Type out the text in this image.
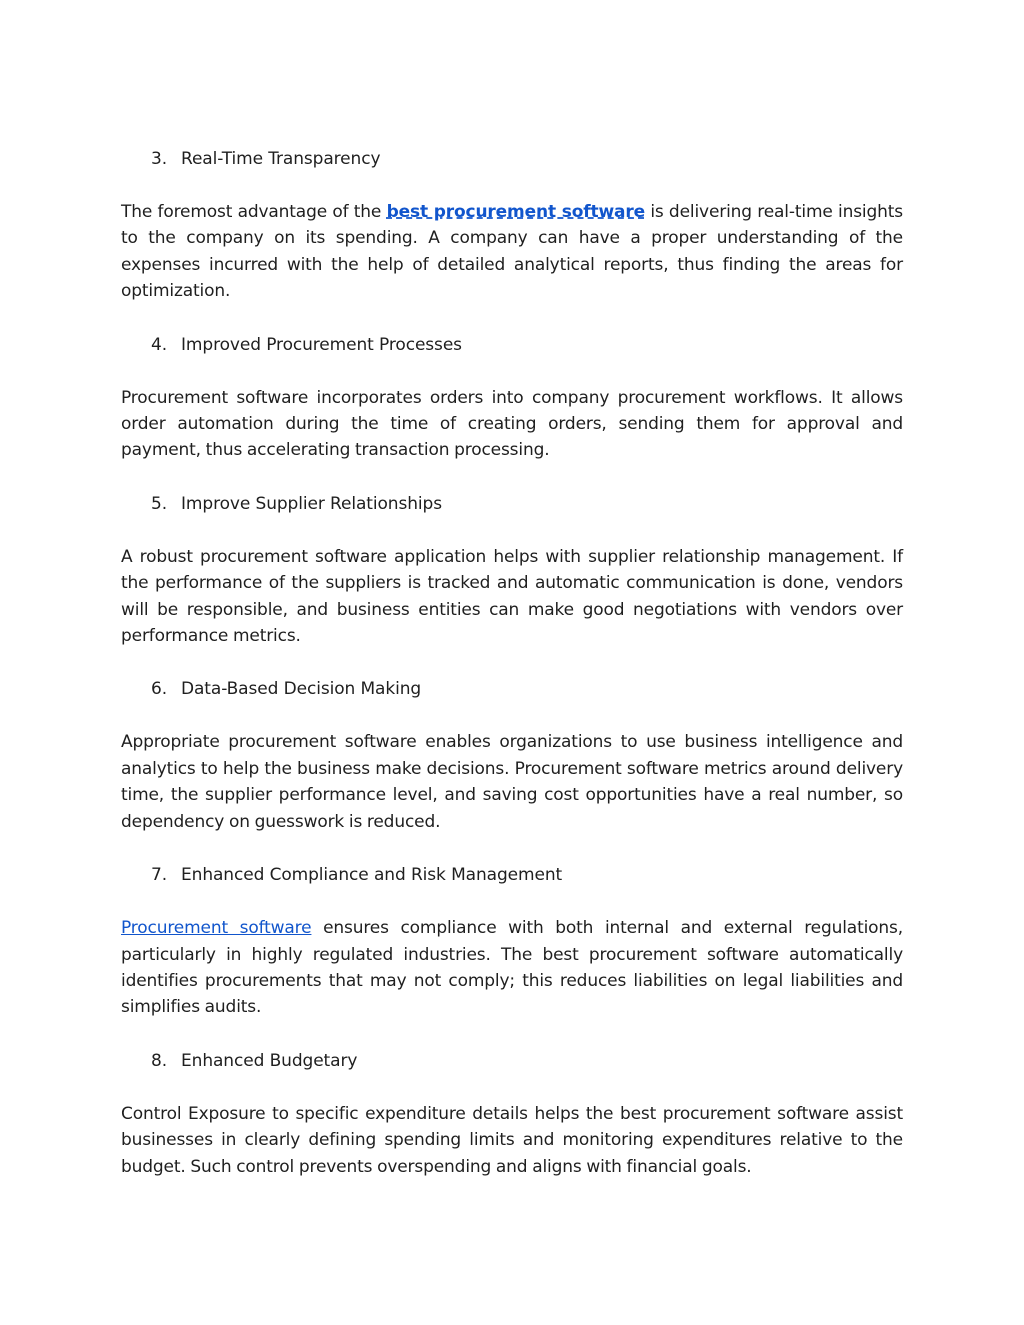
3. Real-Time Transparency
The foremost advantage of the best procurement software is delivering real-time insights to the company on its spending. A company can have a proper understanding of the expenses incurred with the help of detailed analytical reports, thus finding the areas for optimization.
4. Improved Procurement Processes
Procurement software incorporates orders into company procurement workflows. It allows order automation during the time of creating orders, sending them for approval and payment, thus accelerating transaction processing.
5. Improve Supplier Relationships
A robust procurement software application helps with supplier relationship management. If the performance of the suppliers is tracked and automatic communication is done, vendors will be responsible, and business entities can make good negotiations with vendors over performance metrics.
6. Data-Based Decision Making
Appropriate procurement software enables organizations to use business intelligence and analytics to help the business make decisions. Procurement software metrics around delivery time, the supplier performance level, and saving cost opportunities have a real number, so dependency on guesswork is reduced.
7. Enhanced Compliance and Risk Management
Procurement software ensures compliance with both internal and external regulations, particularly in highly regulated industries. The best procurement software automatically identifies procurements that may not comply; this reduces liabilities on legal liabilities and simplifies audits.
8. Enhanced Budgetary
Control Exposure to specific expenditure details helps the best procurement software assist businesses in clearly defining spending limits and monitoring expenditures relative to the budget. Such control prevents overspending and aligns with financial goals.
